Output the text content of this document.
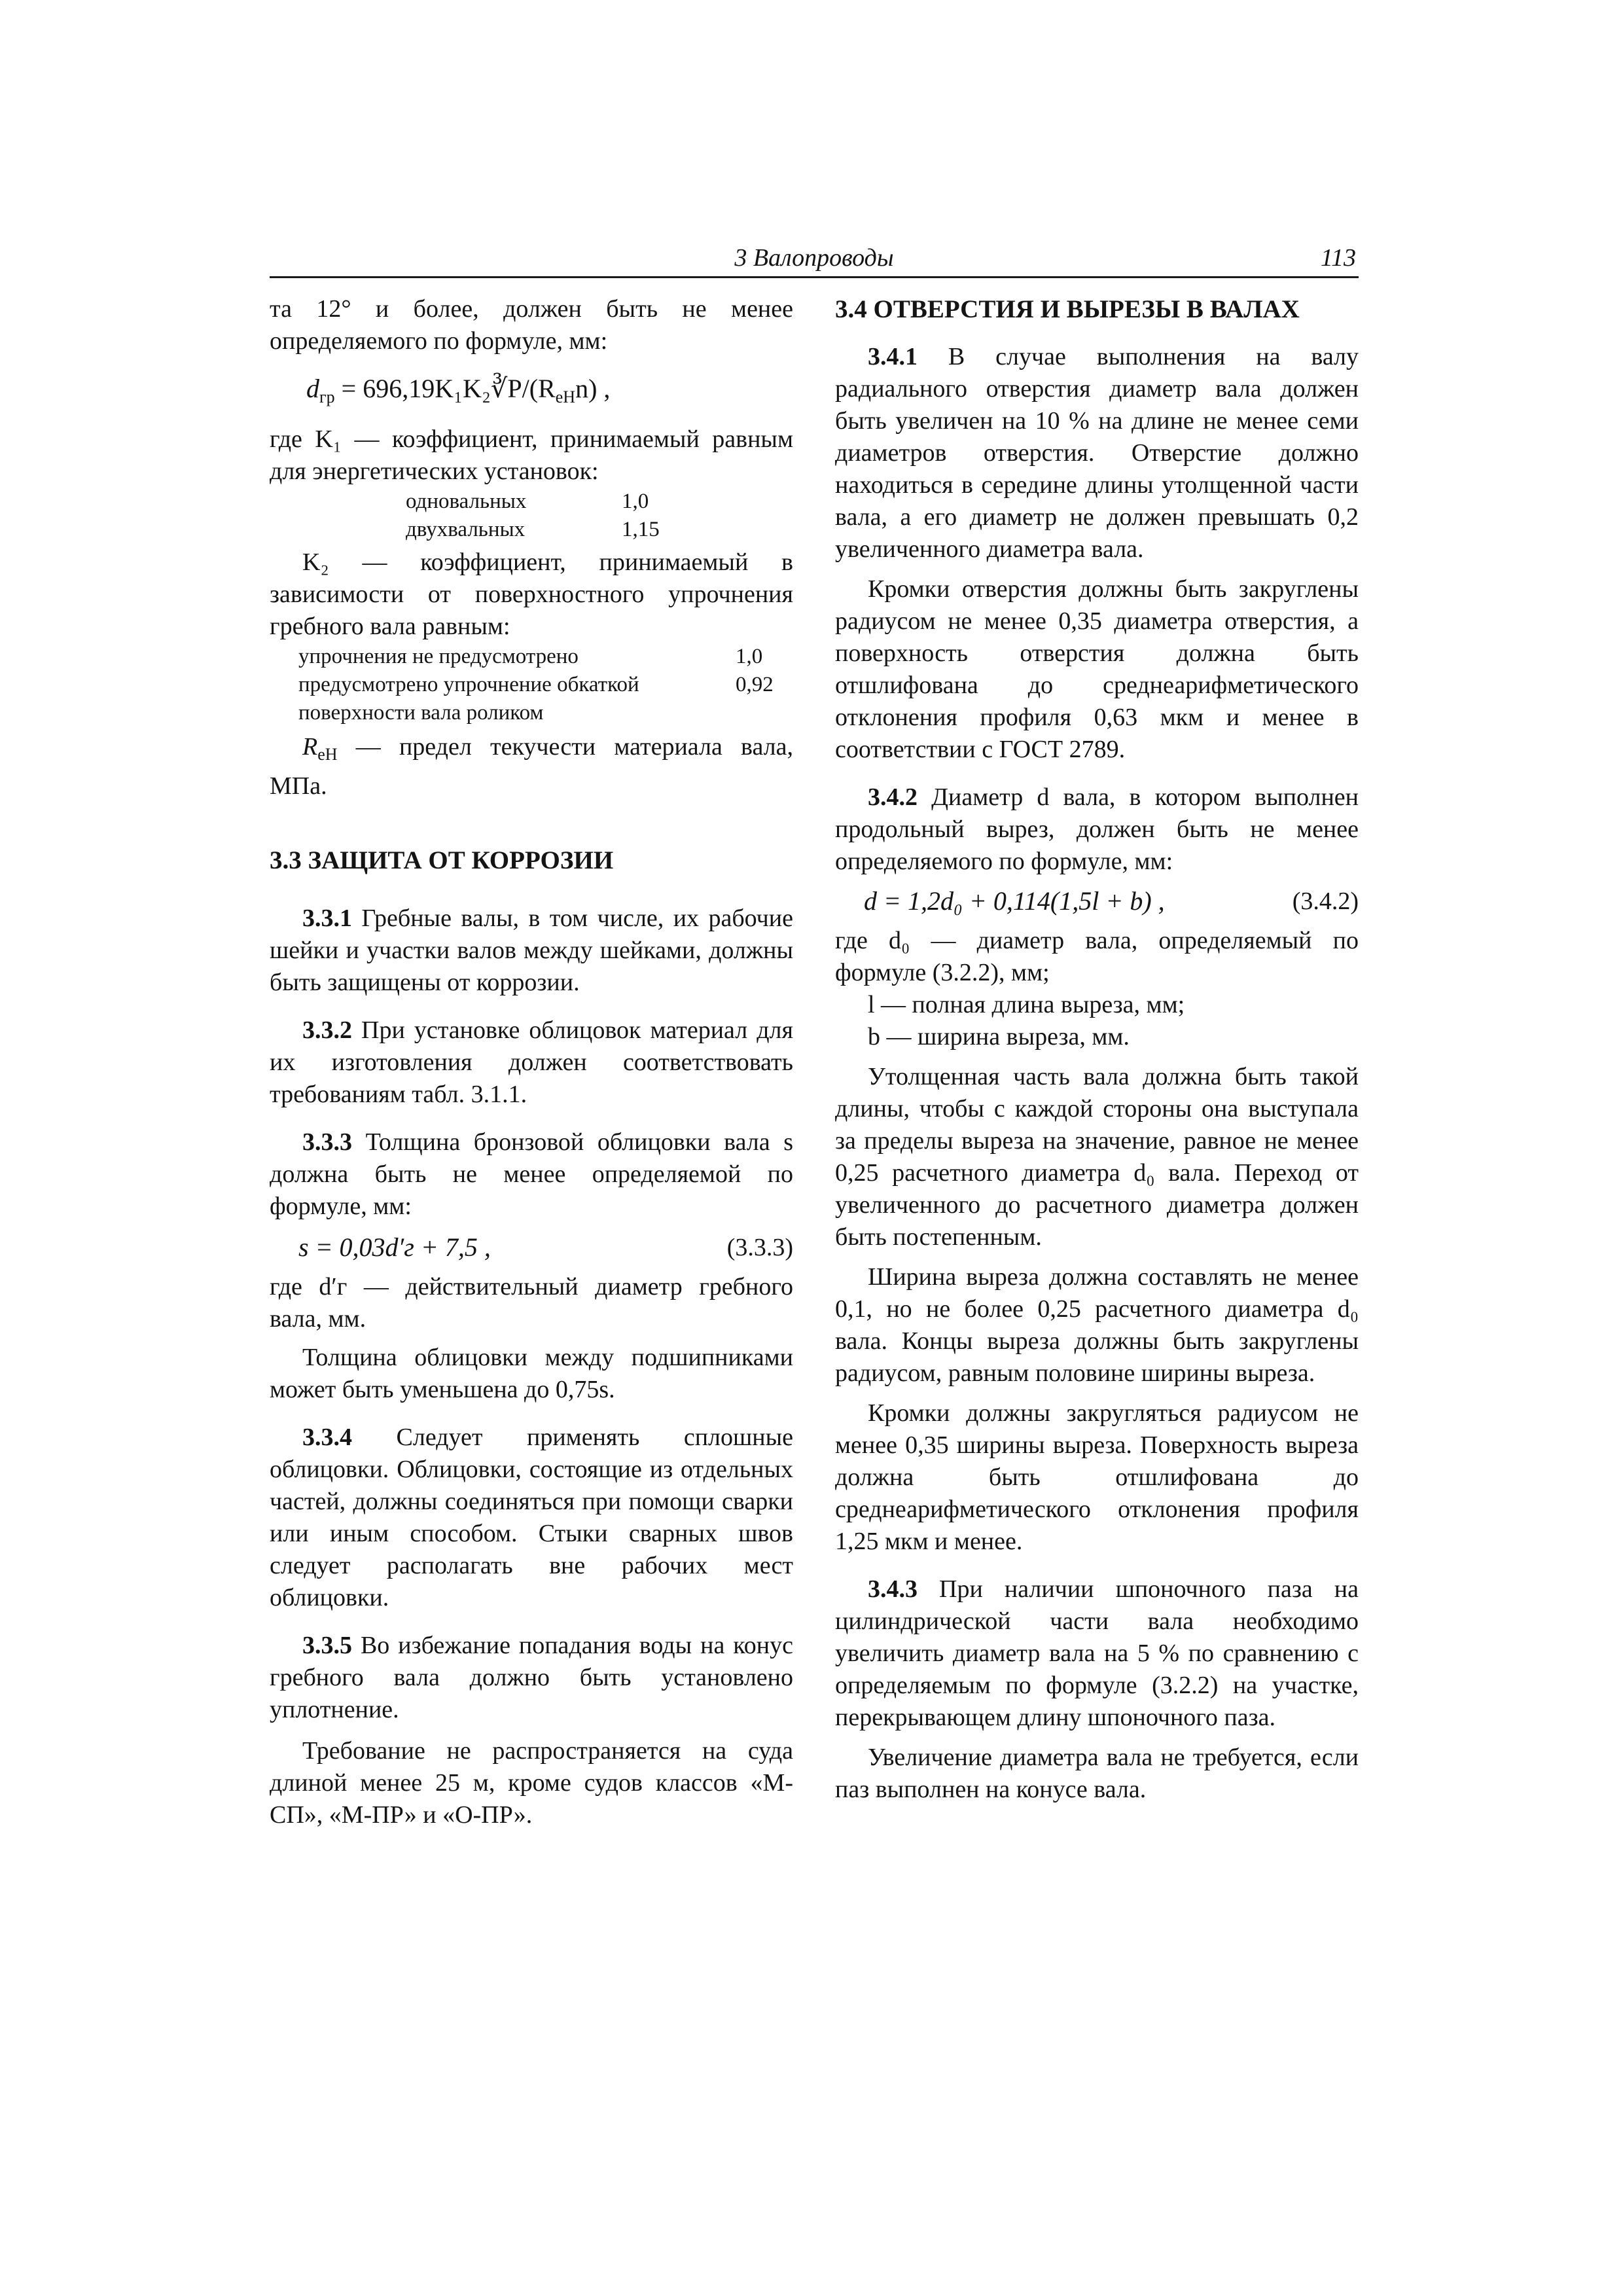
3 Валопроводы	113

та 12° и более, должен быть не менее определяемого по формуле, мм:

$d_{гр}$ = $696,19K_1K_2∛P/(R_{eH}n)$ ,

где K₁ — коэффициент, принимаемый равным для энергетических установок:

одновальных	1,0
двухвальных	1,15

K₂ — коэффициент, принимаемый в зависимости от поверхностного упрочнения гребного вала равным:

упрочнения не предусмотрено	1,0
предусмотрено упрочнение обкаткой	0,92
поверхности вала роликом

$R_{eH}$ — предел текучести материала вала, МПа.

3.3 ЗАЩИТА ОТ КОРРОЗИИ

3.3.1 Гребные валы, в том числе, их рабочие шейки и участки валов между шейками, должны быть защищены от коррозии.

3.3.2 При установке облицовок материал для их изготовления должен соответствовать требованиям табл. 3.1.1.

3.3.3 Толщина бронзовой облицовки вала s должна быть не менее определяемой по формуле, мм:

s = 0,03d′г + 7,5 ,	(3.3.3)

где d′г — действительный диаметр гребного вала, мм.

Толщина облицовки между подшипниками может быть уменьшена до 0,75s.

3.3.4 Следует применять сплошные облицовки. Облицовки, состоящие из отдельных частей, должны соединяться при помощи сварки или иным способом. Стыки сварных швов следует располагать вне рабочих мест облицовки.

3.3.5 Во избежание попадания воды на конус гребного вала должно быть установлено уплотнение.

Требование не распространяется на суда длиной менее 25 м, кроме судов классов «М-СП», «М-ПР» и «О-ПР».

3.4 ОТВЕРСТИЯ И ВЫРЕЗЫ В ВАЛАХ

3.4.1 В случае выполнения на валу радиального отверстия диаметр вала должен быть увеличен на 10 % на длине не менее семи диаметров отверстия. Отверстие должно находиться в середине длины утолщенной части вала, а его диаметр не должен превышать 0,2 увеличенного диаметра вала.

Кромки отверстия должны быть закруглены радиусом не менее 0,35 диаметра отверстия, а поверхность отверстия должна быть отшлифована до среднеарифметического отклонения профиля 0,63 мкм и менее в соответствии с ГОСТ 2789.

3.4.2 Диаметр d вала, в котором выполнен продольный вырез, должен быть не менее определяемого по формуле, мм:

d = 1,2d₀ + 0,114(1,5l + b) ,	(3.4.2)

где d₀ — диаметр вала, определяемый по формуле (3.2.2), мм;

l — полная длина выреза, мм;

b — ширина выреза, мм.

Утолщенная часть вала должна быть такой длины, чтобы с каждой стороны она выступала за пределы выреза на значение, равное не менее 0,25 расчетного диаметра d₀ вала. Переход от увеличенного до расчетного диаметра должен быть постепенным.

Ширина выреза должна составлять не менее 0,1, но не более 0,25 расчетного диаметра d₀ вала. Концы выреза должны быть закруглены радиусом, равным половине ширины выреза.

Кромки должны закругляться радиусом не менее 0,35 ширины выреза. Поверхность выреза должна быть отшлифована до среднеарифметического отклонения профиля 1,25 мкм и менее.

3.4.3 При наличии шпоночного паза на цилиндрической части вала необходимо увеличить диаметр вала на 5 % по сравнению с определяемым по формуле (3.2.2) на участке, перекрывающем длину шпоночного паза.

Увеличение диаметра вала не требуется, если паз выполнен на конусе вала.
